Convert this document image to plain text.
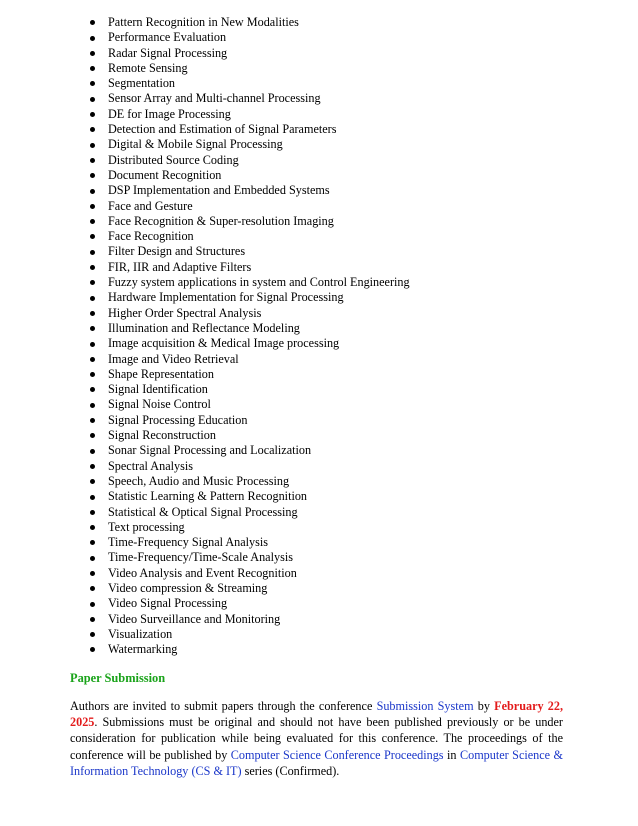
Pattern Recognition in New Modalities
Performance Evaluation
Radar Signal Processing
Remote Sensing
Segmentation
Sensor Array and Multi-channel Processing
DE for Image Processing
Detection and Estimation of Signal Parameters
Digital & Mobile Signal Processing
Distributed Source Coding
Document Recognition
DSP Implementation and Embedded Systems
Face and Gesture
Face Recognition & Super-resolution Imaging
Face Recognition
Filter Design and Structures
FIR, IIR and Adaptive Filters
Fuzzy system applications in system and Control Engineering
Hardware Implementation for Signal Processing
Higher Order Spectral Analysis
Illumination and Reflectance Modeling
Image acquisition & Medical Image processing
Image and Video Retrieval
Shape Representation
Signal Identification
Signal Noise Control
Signal Processing Education
Signal Reconstruction
Sonar Signal Processing and Localization
Spectral Analysis
Speech, Audio and Music Processing
Statistic Learning & Pattern Recognition
Statistical & Optical Signal Processing
Text processing
Time-Frequency Signal Analysis
Time-Frequency/Time-Scale Analysis
Video Analysis and Event Recognition
Video compression & Streaming
Video Signal Processing
Video Surveillance and Monitoring
Visualization
Watermarking
Paper Submission

Authors are invited to submit papers through the conference Submission System by February 22, 2025. Submissions must be original and should not have been published previously or be under consideration for publication while being evaluated for this conference. The proceedings of the conference will be published by Computer Science Conference Proceedings in Computer Science & Information Technology (CS & IT) series (Confirmed).
